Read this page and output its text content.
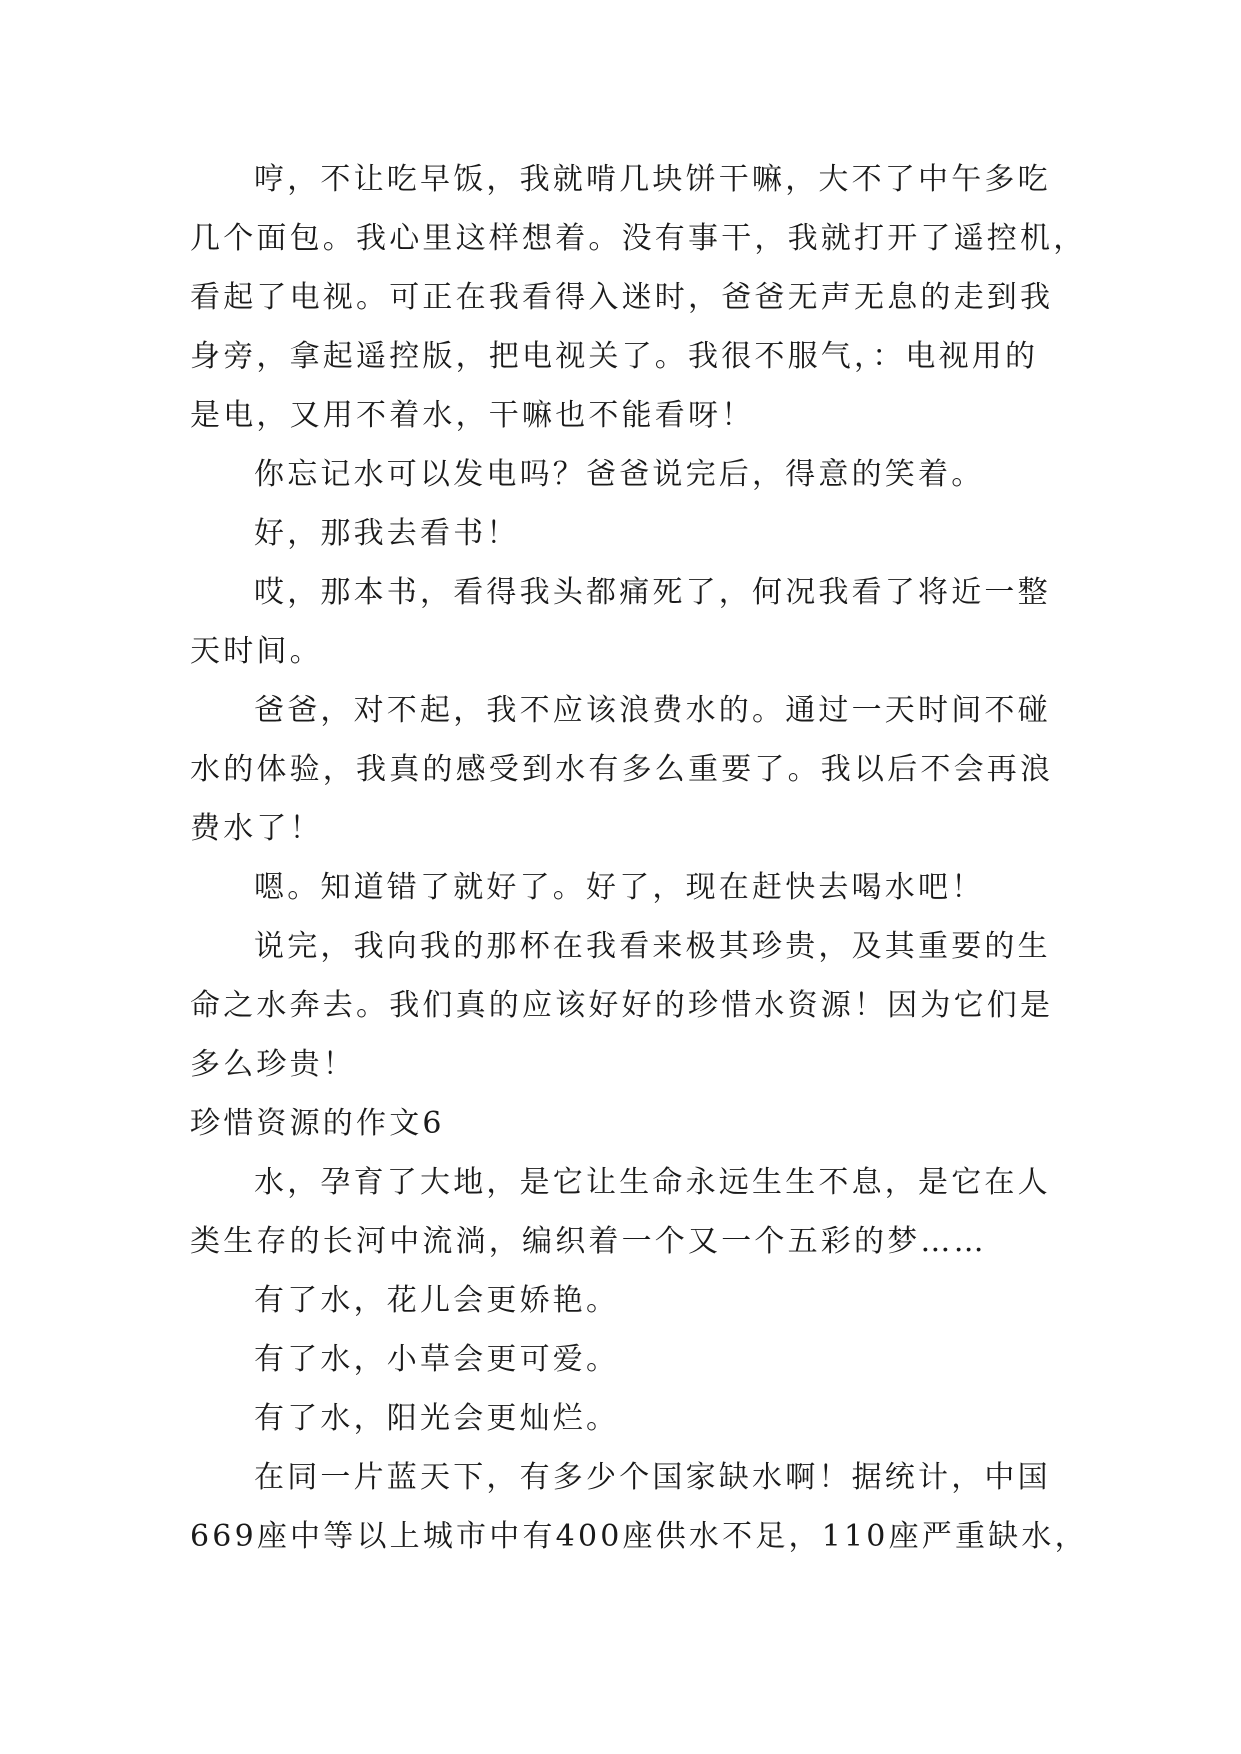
哼，不让吃早饭，我就啃几块饼干嘛，大不了中午多吃
几个面包。我心里这样想着。没有事干，我就打开了遥控机，
看起了电视。可正在我看得入迷时，爸爸无声无息的走到我
身旁，拿起遥控版，把电视关了。我很不服气，：电视用的
是电，又用不着水，干嘛也不能看呀！
你忘记水可以发电吗？爸爸说完后，得意的笑着。
好，那我去看书！
哎，那本书，看得我头都痛死了，何况我看了将近一整
天时间。
爸爸，对不起，我不应该浪费水的。通过一天时间不碰
水的体验，我真的感受到水有多么重要了。我以后不会再浪
费水了！
嗯。知道错了就好了。好了，现在赶快去喝水吧！
说完，我向我的那杯在我看来极其珍贵，及其重要的生
命之水奔去。我们真的应该好好的珍惜水资源！因为它们是
多么珍贵！
珍惜资源的作文6
水，孕育了大地，是它让生命永远生生不息，是它在人
类生存的长河中流淌，编织着一个又一个五彩的梦……
有了水，花儿会更娇艳。
有了水，小草会更可爱。
有了水，阳光会更灿烂。
在同一片蓝天下，有多少个国家缺水啊！据统计，中国
669座中等以上城市中有400座供水不足，110座严重缺水，
